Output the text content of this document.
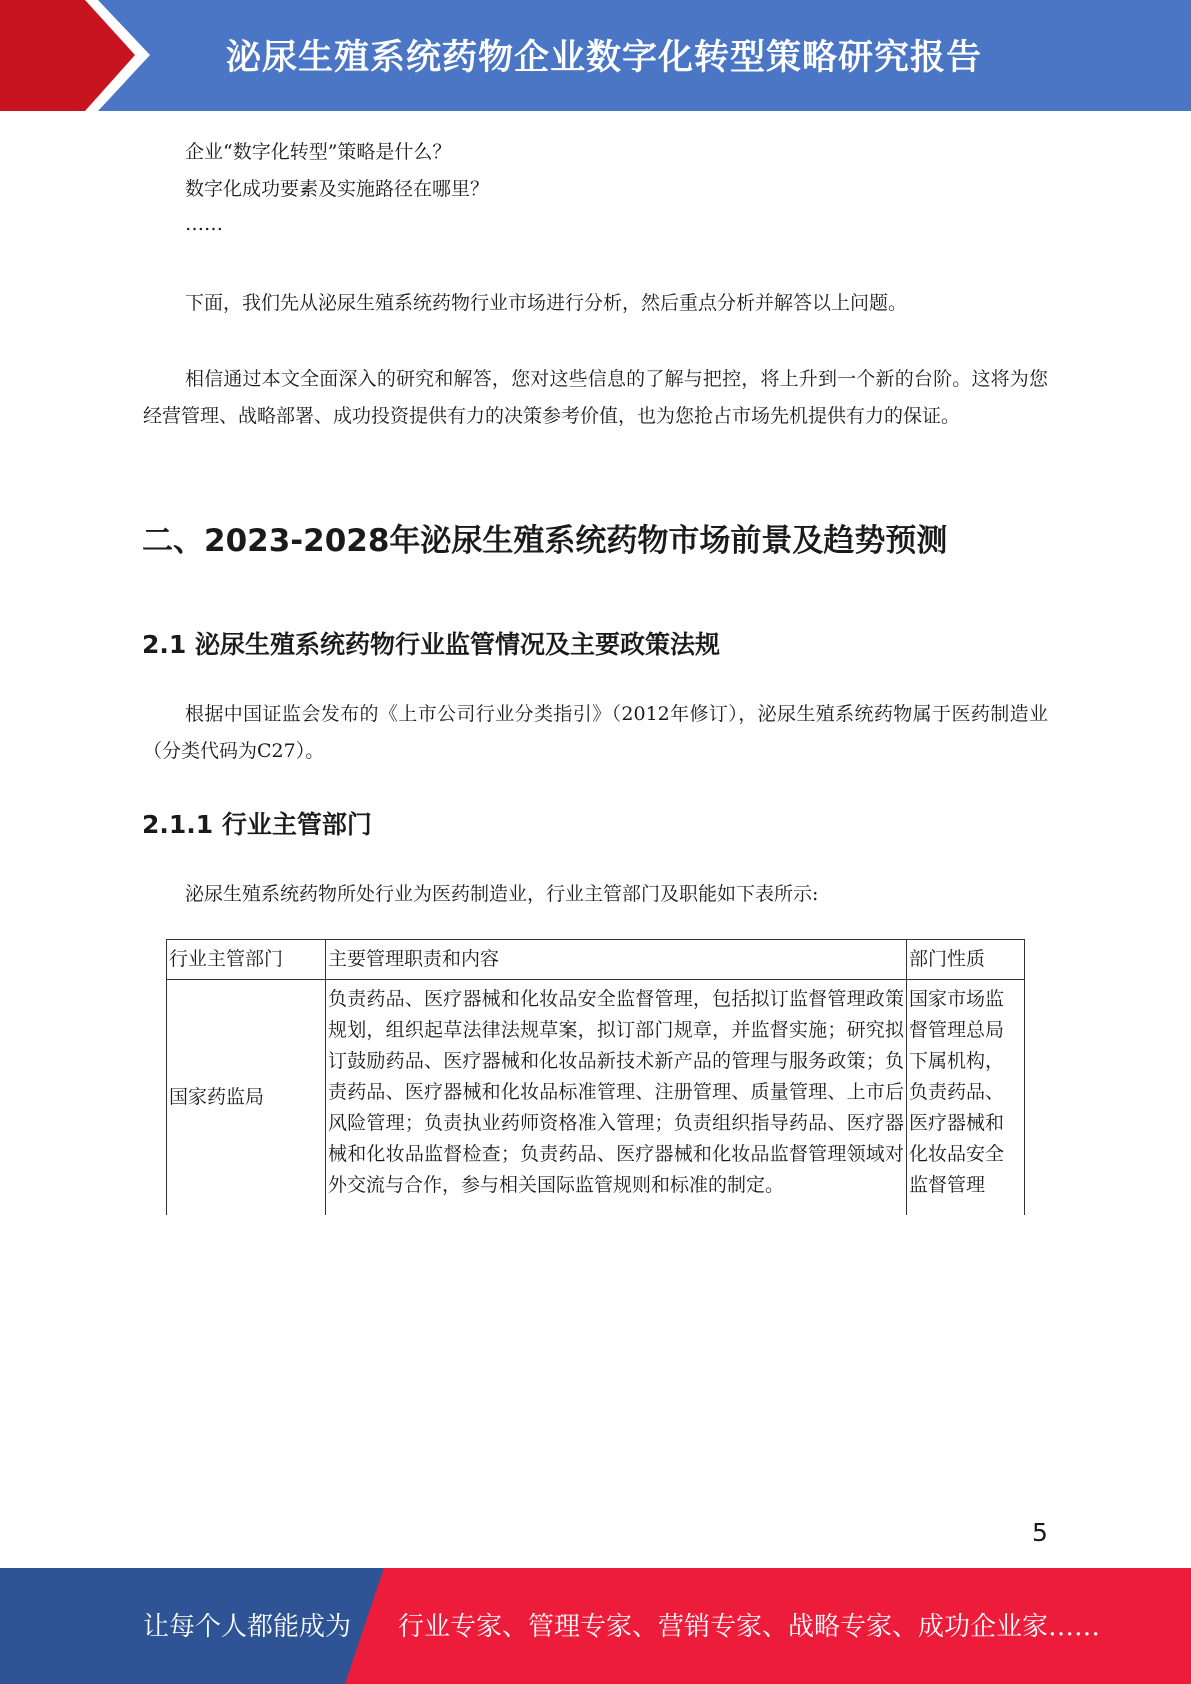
泌尿生殖系统药物企业数字化转型策略研究报告
企业“数字化转型”策略是什么？
数字化成功要素及实施路径在哪里？
……
下面，我们先从泌尿生殖系统药物行业市场进行分析，然后重点分析并解答以上问题。
相信通过本文全面深入的研究和解答，您对这些信息的了解与把控，将上升到一个新的台阶。这将为您经营管理、战略部署、成功投资提供有力的决策参考价值，也为您抢占市场先机提供有力的保证。
二、2023-2028年泌尿生殖系统药物市场前景及趋势预测
2.1 泌尿生殖系统药物行业监管情况及主要政策法规
根据中国证监会发布的《上市公司行业分类指引》（2012年修订），泌尿生殖系统药物属于医药制造业（分类代码为C27）。
2.1.1 行业主管部门
泌尿生殖系统药物所处行业为医药制造业，行业主管部门及职能如下表所示:
行业主管部门	主要管理职责和内容	部门性质
国家药监局	负责药品、医疗器械和化妆品安全监督管理，包括拟订监督管理政策规划，组织起草法律法规草案，拟订部门规章，并监督实施；研究拟订鼓励药品、医疗器械和化妆品新技术新产品的管理与服务政策；负责药品、医疗器械和化妆品标准管理、注册管理、质量管理、上市后风险管理；负责执业药师资格准入管理；负责组织指导药品、医疗器械和化妆品监督检查；负责药品、医疗器械和化妆品监督管理领域对外交流与合作，参与相关国际监管规则和标准的制定。	国家市场监督管理总局下属机构，负责药品、医疗器械和化妆品安全监督管理
5
让每个人都能成为 行业专家、管理专家、营销专家、战略专家、成功企业家……
